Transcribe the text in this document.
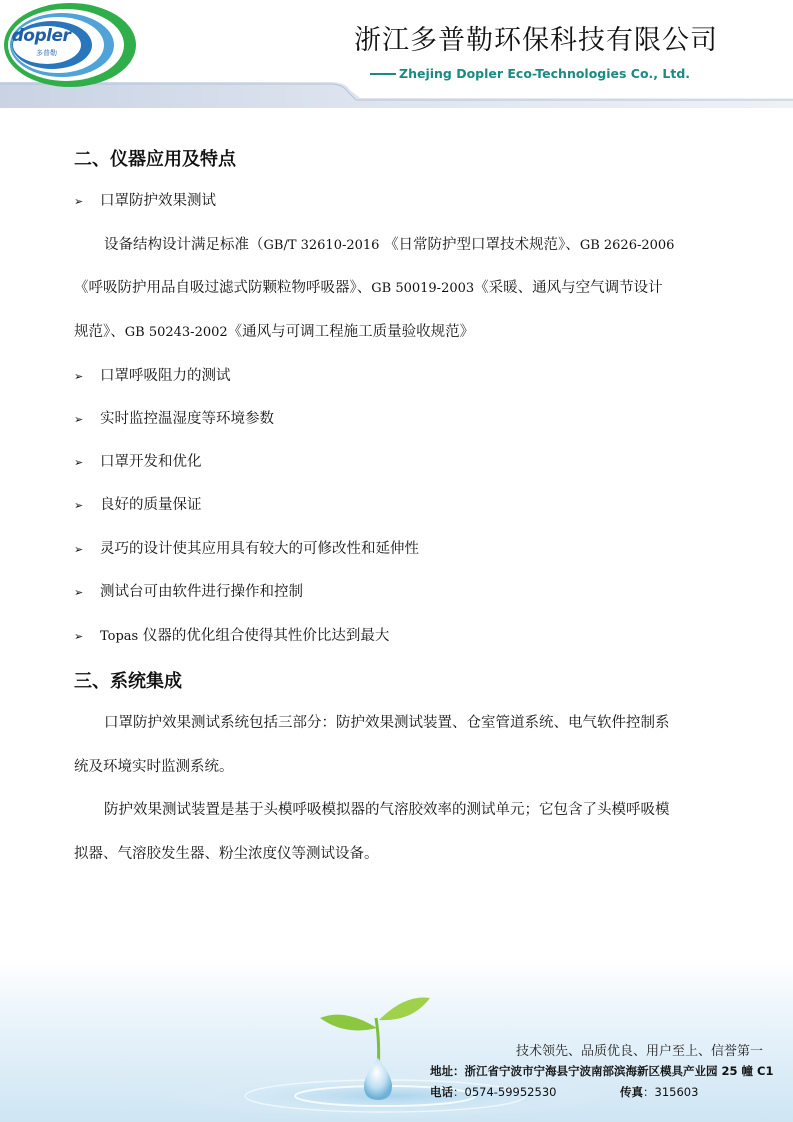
dopler
多普勒	浙江多普勒环保科技有限公司
Zhejing Dopler Eco-Technologies Co., Ltd.
二、仪器应用及特点
➢ 口罩防护效果测试
设备结构设计满足标准（GB/T 32610-2016 《日常防护型口罩技术规范》、GB 2626-2006
《呼吸防护用品自吸过滤式防颗粒物呼吸器》、GB 50019-2003《采暖、通风与空气调节设计
规范》、GB 50243-2002《通风与可调工程施工质量验收规范》
➢ 口罩呼吸阻力的测试
➢ 实时监控温湿度等环境参数
➢ 口罩开发和优化
➢ 良好的质量保证
➢ 灵巧的设计使其应用具有较大的可修改性和延伸性
➢ 测试台可由软件进行操作和控制
➢ Topas 仪器的优化组合使得其性价比达到最大
三、系统集成
口罩防护效果测试系统包括三部分：防护效果测试装置、仓室管道系统、电气软件控制系
统及环境实时监测系统。
防护效果测试装置是基于头模呼吸模拟器的气溶胶效率的测试单元；它包含了头模呼吸模
拟器、气溶胶发生器、粉尘浓度仪等测试设备。
技术领先、品质优良、用户至上、信誉第一
地址：浙江省宁波市宁海县宁波南部滨海新区模具产业园 25 幢 C1
电话：0574-59952530	传真：315603
